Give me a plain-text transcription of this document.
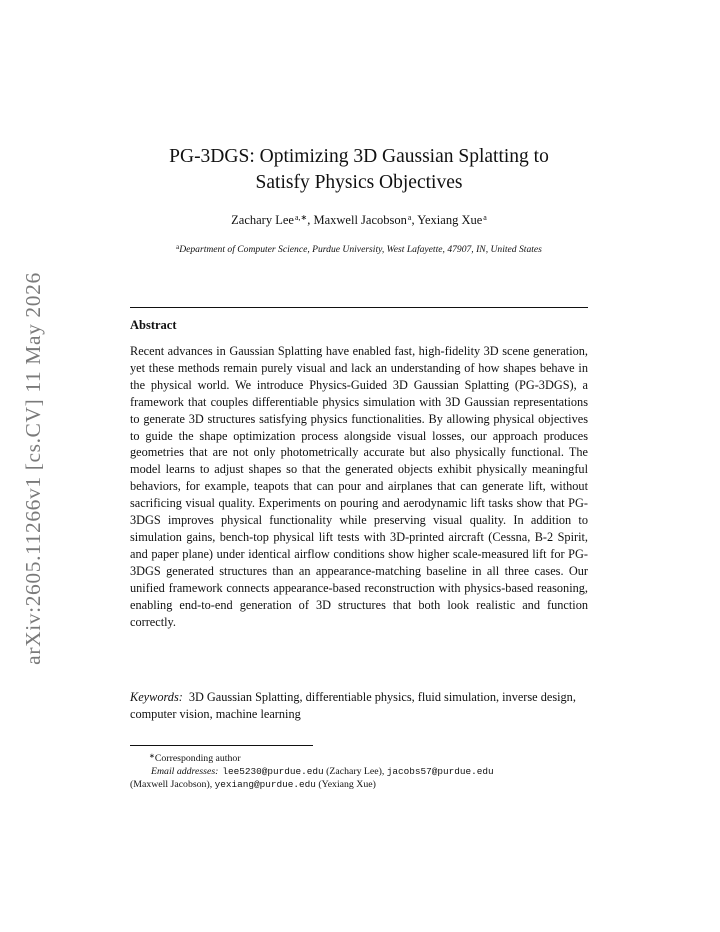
arXiv:2605.11266v1 [cs.CV] 11 May 2026
PG-3DGS: Optimizing 3D Gaussian Splatting to
Satisfy Physics Objectives
Zachary Lee$^{a,∗}$, Maxwell Jacobson$^a$, Yexiang Xue$^a$
$^a$Department of Computer Science, Purdue University, West Lafayette, 47907, IN, United States
Abstract
Recent advances in Gaussian Splatting have enabled fast, high-fidelity 3D scene generation, yet these methods remain purely visual and lack an understanding of how shapes behave in the physical world. We introduce Physics-Guided 3D Gaussian Splatting (PG-3DGS), a framework that couples differentiable physics simulation with 3D Gaussian representations to generate 3D structures satisfying physics functionalities. By allowing physical objectives to guide the shape optimization process alongside visual losses, our approach produces geometries that are not only photometrically accurate but also physically functional. The model learns to adjust shapes so that the generated objects exhibit physically meaningful behaviors, for example, teapots that can pour and airplanes that can generate lift, without sacrificing visual quality. Experiments on pouring and aerodynamic lift tasks show that PG-3DGS improves physical functionality while preserving visual quality. In addition to simulation gains, bench-top physical lift tests with 3D-printed aircraft (Cessna, B-2 Spirit, and paper plane) under identical airflow conditions show higher scale-measured lift for PG-3DGS generated structures than an appearance-matching baseline in all three cases. Our unified framework connects appearance-based reconstruction with physics-based reasoning, enabling end-to-end generation of 3D structures that both look realistic and function correctly.
Keywords: 3D Gaussian Splatting, differentiable physics, fluid simulation, inverse design, computer vision, machine learning
∗Corresponding author
Email addresses: lee5230@purdue.edu (Zachary Lee), jacobs57@purdue.edu
(Maxwell Jacobson), yexiang@purdue.edu (Yexiang Xue)
